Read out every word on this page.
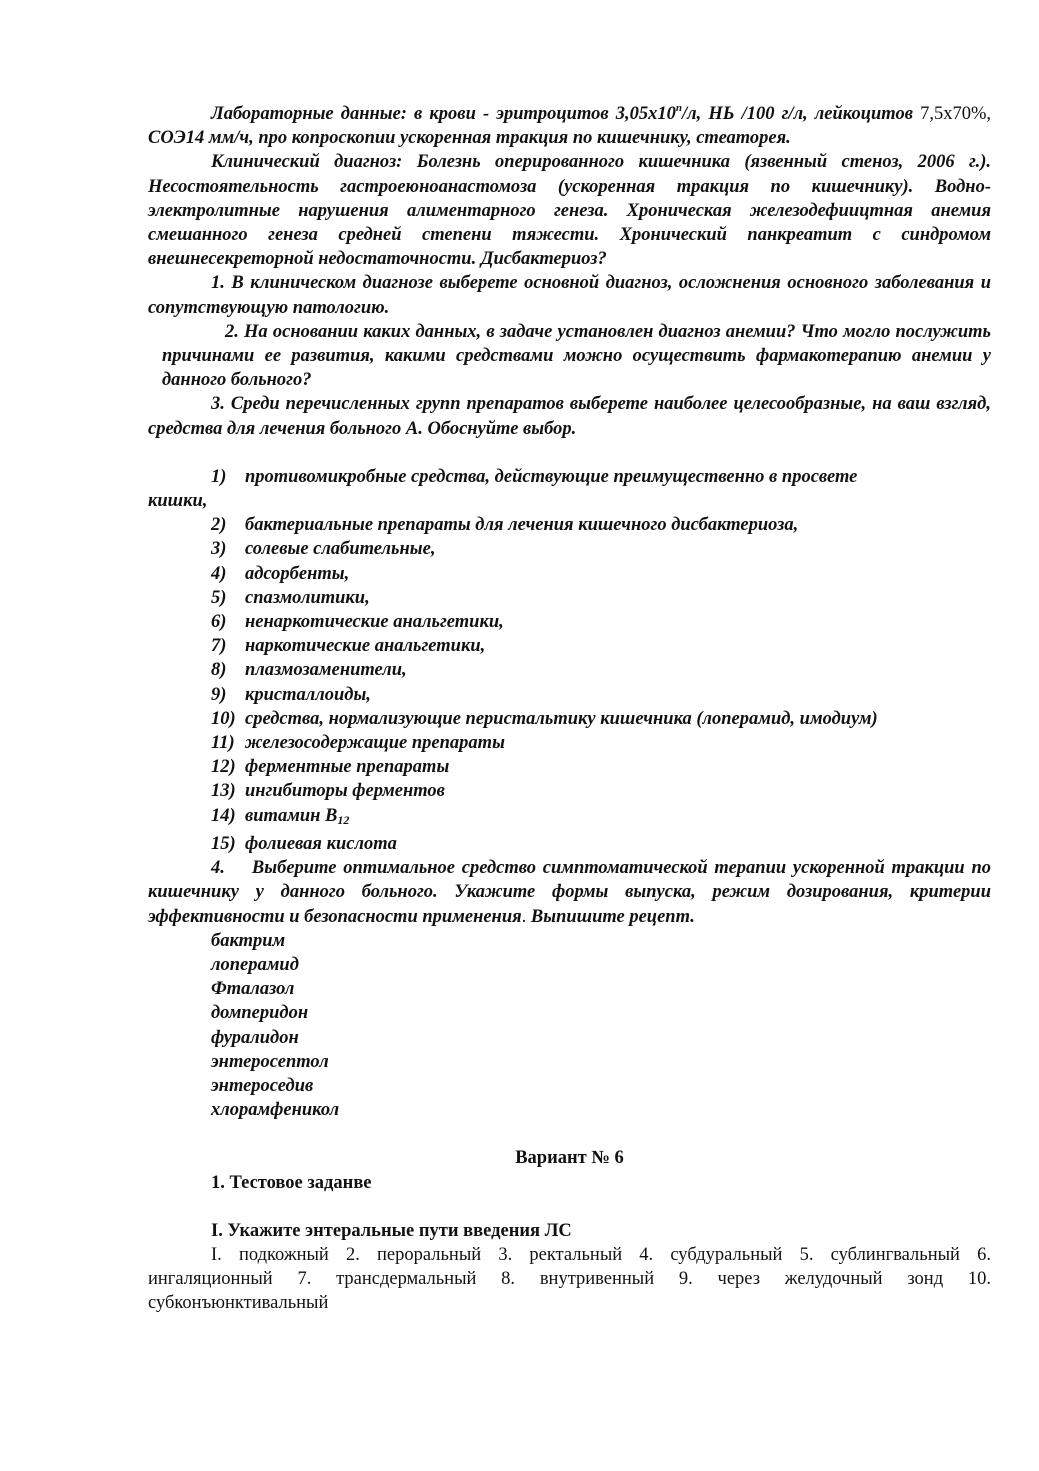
Лабораторные данные: в крови - эритроцитов $3,05х10^п/л$, НЬ /100 г/л, лейкоцитов 7,5х70%, СОЭ14 мм/ч, про копроскопии ускоренная тракция по кишечнику, стеаторея.

Клинический диагноз: Болезнь оперированного кишечника (язвенный стеноз, 2006 г.). Несостоятельность гастроеюноанастомоза (ускоренная тракция по кишечнику). Водно-электролитные нарушения алиментарного генеза. Хроническая железодефиицтная анемия смешанного генеза средней степени тяжести. Хронический панкреатит с синдромом внешнесекреторной недостаточности. Дисбактериоз?

1. В клиническом диагнозе выберете основной диагноз, осложнения основного заболевания и сопутствующую патологию.

2. На основании каких данных, в задаче установлен диагноз анемии? Что могло послужить причинами ее развития, какими средствами можно осуществить фармакотерапию анемии у данного больного?

3. Среди перечисленных групп препаратов выберете наиболее целесообразные, на ваш взгляд, средства для лечения больного А. Обоснуйте выбор.

1) противомикробные средства, действующие преимущественно в просвете

кишки,

2) бактериальные препараты для лечения кишечного дисбактериоза,

3) солевые слабительные,

4) адсорбенты,

5) спазмолитики,

6) ненаркотические анальгетики,

7) наркотические анальгетики,

8) плазмозаменители,

9) кристаллоиды,

10) средства, нормализующие перистальтику кишечника (лоперамид, имодиум)

11) железосодержащие препараты

12) ферментные препараты

13) ингибиторы ферментов

14) витамин $В_{12}$

15) фолиевая кислота

4. Выберите оптимальное средство симптоматической терапии ускоренной тракции по кишечнику у данного больного. Укажите формы выпуска, режим дозирования, критерии эффективности и безопасности применения. Выпишите рецепт.

бактрим

лоперамид

Фталазол

домперидон

фуралидон

энтеросептол

энтероседив

хлорамфеникол

Вариант № 6

1. Тестовое заданве

I. Укажите энтеральные пути введения ЛС

I. подкожный 2. пероральный 3. ректальный 4. субдуральный 5. сублингвальный 6. ингаляционный 7. трансдермальный 8. внутривенный 9. через желудочный зонд 10. субконъюнктивальный
